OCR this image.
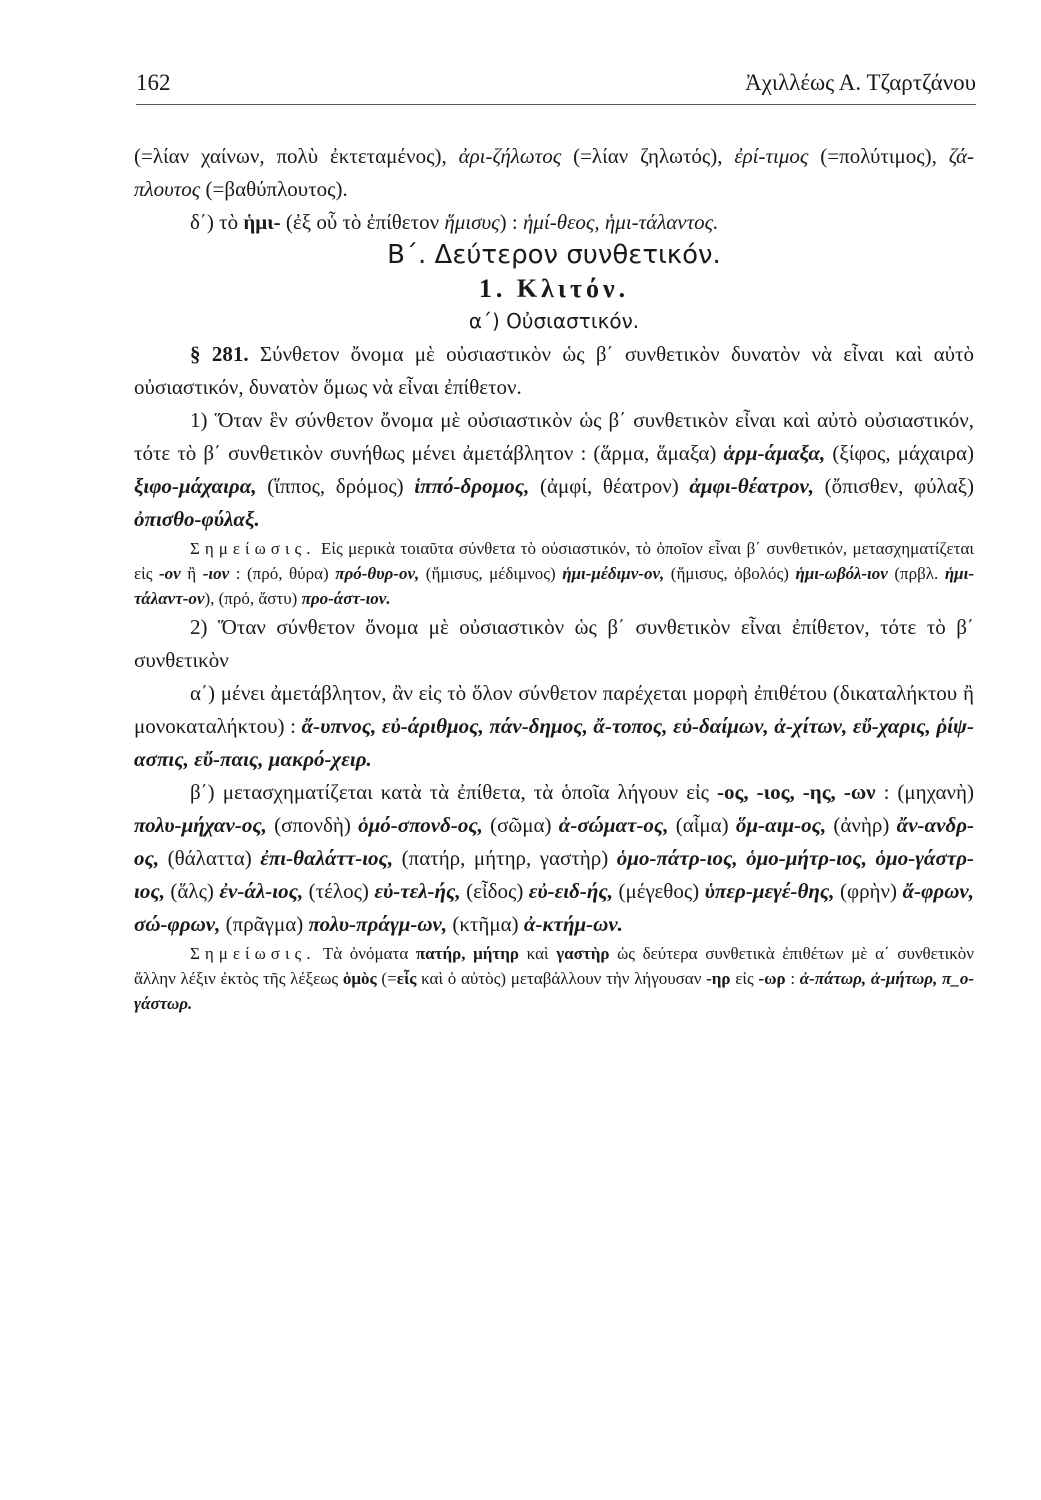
162	Ἀχιλλέως Α. Τζαρτζάνου

(=λίαν χαίνων, πολὺ ἐκτεταμένος), ἀρι-ζήλωτος (=λίαν ζηλωτός), ἐρί-τιμος (=πολύτιμος), ζά-πλουτος (=βαθύπλουτος).

δ΄) τὸ ἡμι- (ἐξ οὗ τὸ ἐπίθετον ἥμισυς) : ἡμί-θεος, ἡμι-τάλαντος.

Β΄. Δεύτερον συνθετικόν.

1. Κλιτόν.

α΄) Οὐσιαστικόν.

§ 281. Σύνθετον ὄνομα μὲ οὐσιαστικὸν ὡς β΄ συνθετικὸν δυνατὸν νὰ εἶναι καὶ αὐτὸ οὐσιαστικόν, δυνατὸν ὅμως νὰ εἶναι ἐπίθετον.

1) Ὅταν ἓν σύνθετον ὄνομα μὲ οὐσιαστικὸν ὡς β΄ συνθετικὸν εἶναι καὶ αὐτὸ οὐσιαστικόν, τότε τὸ β΄ συνθετικὸν συνήθως μένει ἀμετάβλητον : (ἅρμα, ἅμαξα) ἁρμ-άμαξα, (ξίφος, μάχαιρα) ξιφο-μάχαιρα, (ἵππος, δρόμος) ἱππό-δρομος, (ἀμφί, θέατρον) ἀμφι-θέατρον, (ὄπισθεν, φύλαξ) ὀπισθο-φύλαξ.

Σημείωσις. Εἰς μερικὰ τοιαῦτα σύνθετα τὸ οὐσιαστικόν, τὸ ὁποῖον εἶναι β΄ συνθετικόν, μετασχηματίζεται εἰς -ον ἢ -ιον : (πρό, θύρα) πρό-θυρ-ον, (ἥμισυς, μέδιμνος) ἡμι-μέδιμν-ον, (ἥμισυς, ὀβολός) ἡμι-ωβόλ-ιον (πρβλ. ἡμι-τάλαντ-ον), (πρό, ἄστυ) προ-άστ-ιον.

2) Ὅταν σύνθετον ὄνομα μὲ οὐσιαστικὸν ὡς β΄ συνθετικὸν εἶναι ἐπίθετον, τότε τὸ β΄ συνθετικὸν

α΄) μένει ἀμετάβλητον, ἂν εἰς τὸ ὅλον σύνθετον παρέχεται μορφὴ ἐπιθέτου (δικαταλήκτου ἢ μονοκαταλήκτου) : ἄ-υπνος, εὐ-άριθμος, πάν-δημος, ἄ-τοπος, εὐ-δαίμων, ἀ-χίτων, εὔ-χαρις, ῥίψ-ασπις, εὔ-παις, μακρό-χειρ.

β΄) μετασχηματίζεται κατὰ τὰ ἐπίθετα, τὰ ὁποῖα λήγουν εἰς -ος, -ιος, -ης, -ων : (μηχανὴ) πολυ-μήχαν-ος, (σπονδὴ) ὁμό-σπονδ-ος, (σῶμα) ἀ-σώματ-ος, (αἷμα) ὅμ-αιμ-ος, (ἀνὴρ) ἄν-ανδρ-ος, (θάλαττα) ἐπι-θαλάττ-ιος, (πατήρ, μήτηρ, γαστὴρ) ὁμο-πάτρ-ιος, ὁμο-μήτρ-ιος, ὁμο-γάστρ-ιος, (ἅλς) ἐν-άλ-ιος, (τέλος) εὐ-τελ-ής, (εἶδος) εὐ-ειδ-ής, (μέγεθος) ὑπερ-μεγέ-θης, (φρὴν) ἄ-φρων, σώ-φρων, (πρᾶγμα) πολυ-πράγμ-ων, (κτῆμα) ἀ-κτήμ-ων.

Σημείωσις. Τὰ ὀνόματα πατήρ, μήτηρ καὶ γαστὴρ ὡς δεύτερα συνθετικὰ ἐπιθέτων μὲ α΄ συνθετικὸν ἄλλην λέξιν ἐκτὸς τῆς λέξεως ὁμὸς (=εἷς καὶ ὁ αὐτὸς) μεταβάλλουν τὴν λήγουσαν -ηρ εἰς -ωρ : ἀ-πάτωρ, ἀ-μήτωρ, π_ο-γάστωρ.
